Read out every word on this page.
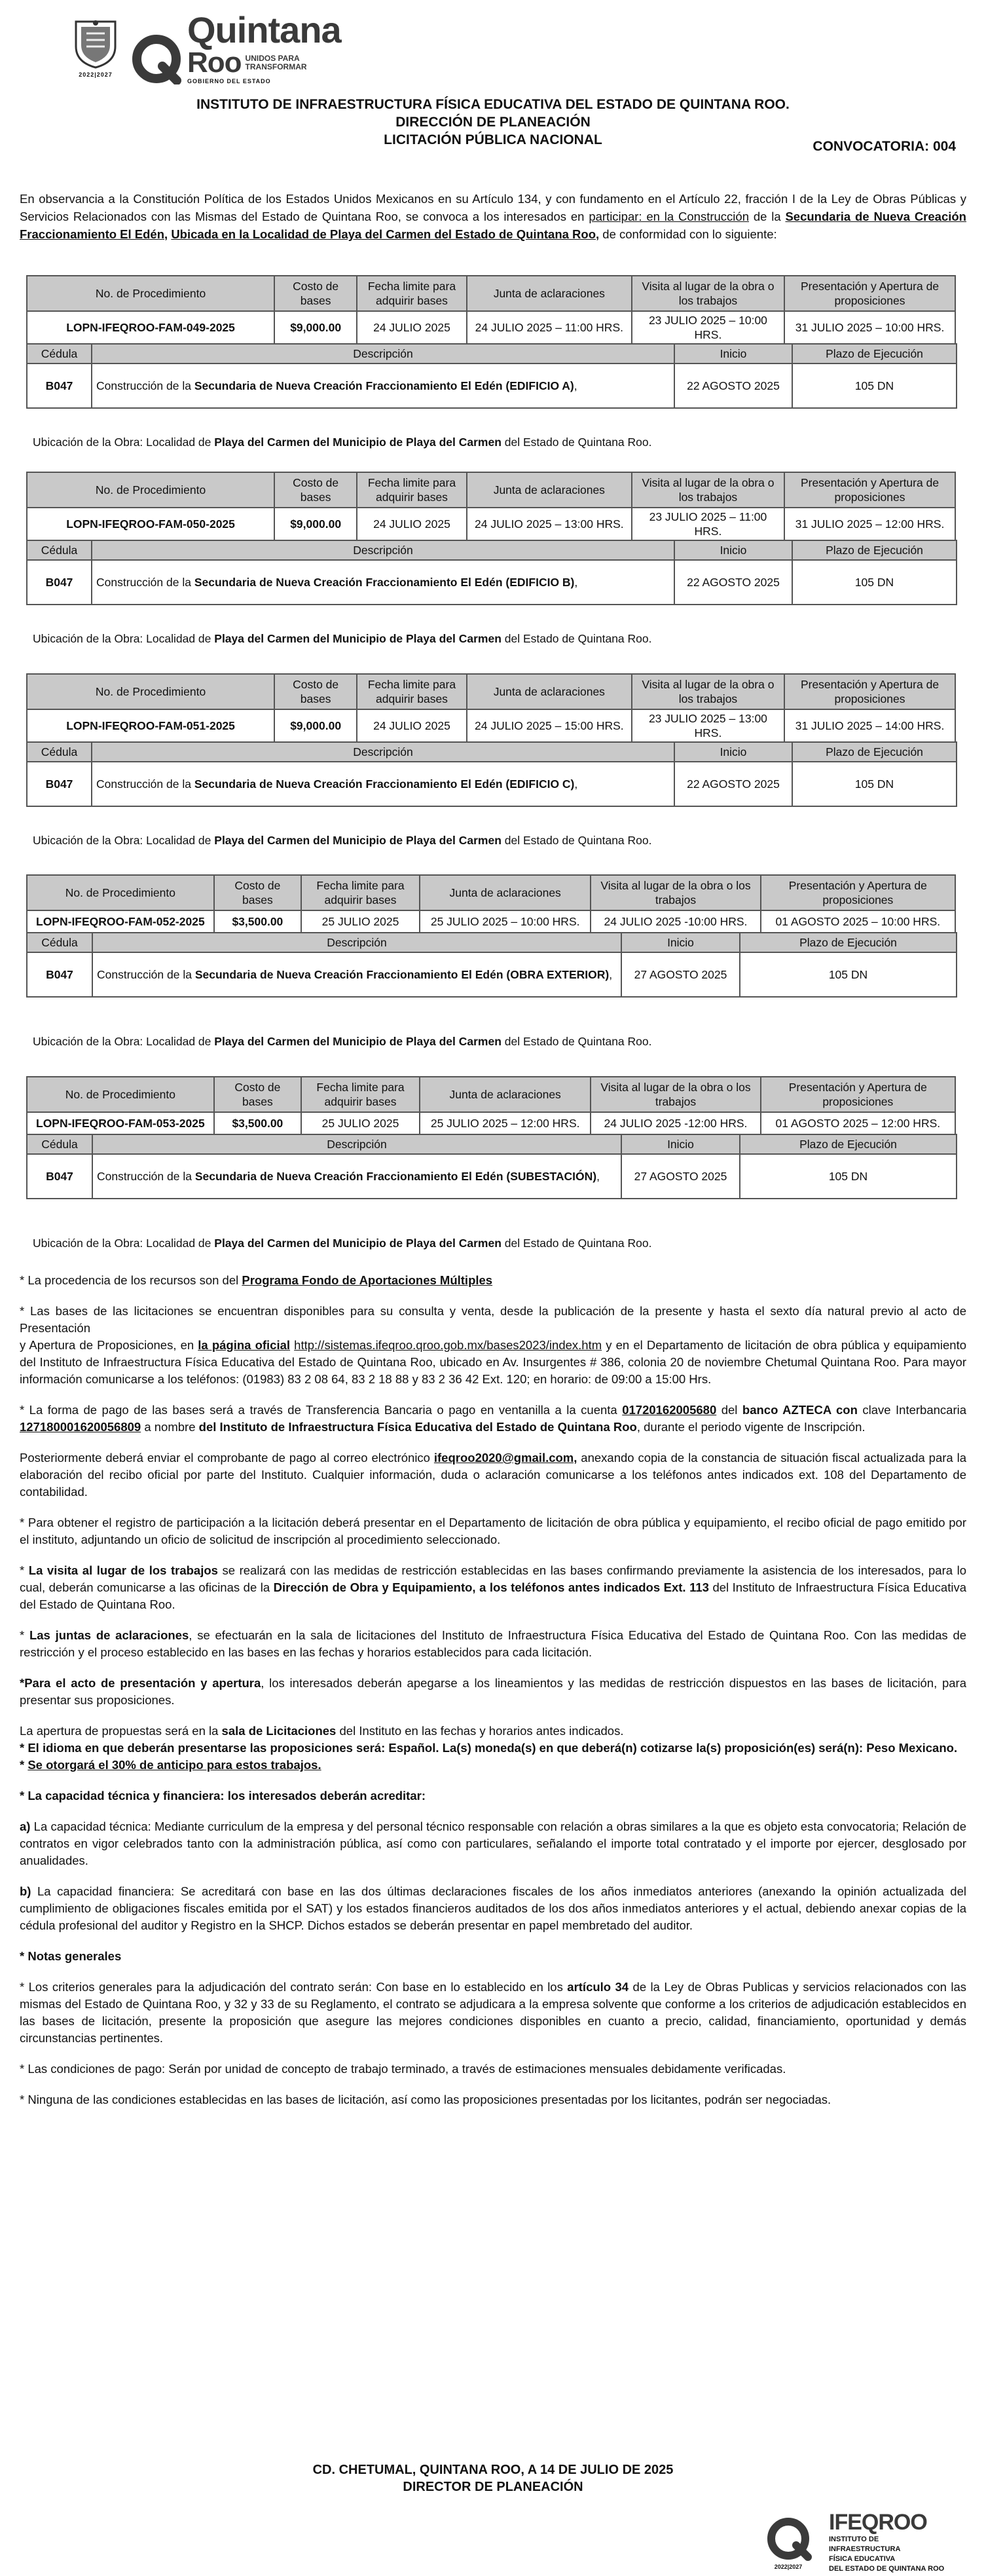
2022|2027
Quintana
Roo UNIDOS PARA TRANSFORMAR
GOBIERNO DEL ESTADO
INSTITUTO DE INFRAESTRUCTURA FÍSICA EDUCATIVA DEL ESTADO DE QUINTANA ROO.
DIRECCIÓN DE PLANEACIÓN
LICITACIÓN PÚBLICA NACIONAL	CONVOCATORIA: 004
En observancia a la Constitución Política de los Estados Unidos Mexicanos en su Artículo 134, y con fundamento en el Artículo 22, fracción I de la Ley de Obras Públicas y Servicios Relacionados con las Mismas del Estado de Quintana Roo, se convoca a los interesados en participar: en la Construcción de la Secundaria de Nueva Creación Fraccionamiento El Edén, Ubicada en la Localidad de Playa del Carmen del Estado de Quintana Roo, de conformidad con lo siguiente:
No. de Procedimiento	Costo de bases	Fecha limite para adquirir bases	Junta de aclaraciones	Visita al lugar de la obra o los trabajos	Presentación y Apertura de proposiciones
LOPN-IFEQROO-FAM-049-2025	$9,000.00	24 JULIO 2025	24 JULIO 2025 – 11:00 HRS.	23 JULIO 2025 – 10:00 HRS.	31 JULIO 2025 – 10:00 HRS.
Cédula	Descripción	Inicio	Plazo de Ejecución
B047	Construcción de la Secundaria de Nueva Creación Fraccionamiento El Edén (EDIFICIO A),	22 AGOSTO 2025	105 DN
Ubicación de la Obra: Localidad de Playa del Carmen del Municipio de Playa del Carmen del Estado de Quintana Roo.
No. de Procedimiento	Costo de bases	Fecha limite para adquirir bases	Junta de aclaraciones	Visita al lugar de la obra o los trabajos	Presentación y Apertura de proposiciones
LOPN-IFEQROO-FAM-050-2025	$9,000.00	24 JULIO 2025	24 JULIO 2025 – 13:00 HRS.	23 JULIO 2025 – 11:00 HRS.	31 JULIO 2025 – 12:00 HRS.
Cédula	Descripción	Inicio	Plazo de Ejecución
B047	Construcción de la Secundaria de Nueva Creación Fraccionamiento El Edén (EDIFICIO B),	22 AGOSTO 2025	105 DN
Ubicación de la Obra: Localidad de Playa del Carmen del Municipio de Playa del Carmen del Estado de Quintana Roo.
No. de Procedimiento	Costo de bases	Fecha limite para adquirir bases	Junta de aclaraciones	Visita al lugar de la obra o los trabajos	Presentación y Apertura de proposiciones
LOPN-IFEQROO-FAM-051-2025	$9,000.00	24 JULIO 2025	24 JULIO 2025 – 15:00 HRS.	23 JULIO 2025 – 13:00 HRS.	31 JULIO 2025 – 14:00 HRS.
Cédula	Descripción	Inicio	Plazo de Ejecución
B047	Construcción de la Secundaria de Nueva Creación Fraccionamiento El Edén (EDIFICIO C),	22 AGOSTO 2025	105 DN
Ubicación de la Obra: Localidad de Playa del Carmen del Municipio de Playa del Carmen del Estado de Quintana Roo.
No. de Procedimiento	Costo de bases	Fecha limite para adquirir bases	Junta de aclaraciones	Visita al lugar de la obra o los trabajos	Presentación y Apertura de proposiciones
LOPN-IFEQROO-FAM-052-2025	$3,500.00	25 JULIO 2025	25 JULIO 2025 – 10:00 HRS.	24 JULIO 2025 -10:00 HRS.	01 AGOSTO 2025 – 10:00 HRS.
Cédula	Descripción	Inicio	Plazo de Ejecución
B047	Construcción de la Secundaria de Nueva Creación Fraccionamiento El Edén (OBRA EXTERIOR),	27 AGOSTO 2025	105 DN
Ubicación de la Obra: Localidad de Playa del Carmen del Municipio de Playa del Carmen del Estado de Quintana Roo.
No. de Procedimiento	Costo de bases	Fecha limite para adquirir bases	Junta de aclaraciones	Visita al lugar de la obra o los trabajos	Presentación y Apertura de proposiciones
LOPN-IFEQROO-FAM-053-2025	$3,500.00	25 JULIO 2025	25 JULIO 2025 – 12:00 HRS.	24 JULIO 2025 -12:00 HRS.	01 AGOSTO 2025 – 12:00 HRS.
Cédula	Descripción	Inicio	Plazo de Ejecución
B047	Construcción de la Secundaria de Nueva Creación Fraccionamiento El Edén (SUBESTACIÓN),	27 AGOSTO 2025	105 DN
Ubicación de la Obra: Localidad de Playa del Carmen del Municipio de Playa del Carmen del Estado de Quintana Roo.

* La procedencia de los recursos son del Programa Fondo de Aportaciones Múltiples

* Las bases de las licitaciones se encuentran disponibles para su consulta y venta, desde la publicación de la presente y hasta el sexto día natural previo al acto de Presentación
y Apertura de Proposiciones, en la página oficial http://sistemas.ifeqroo.qroo.gob.mx/bases2023/index.htm y en el Departamento de licitación de obra pública y equipamiento del Instituto de Infraestructura Física Educativa del Estado de Quintana Roo, ubicado en Av. Insurgentes # 386, colonia 20 de noviembre Chetumal Quintana Roo. Para mayor información comunicarse a los teléfonos: (01983) 83 2 08 64, 83 2 18 88 y 83 2 36 42 Ext. 120; en horario: de 09:00 a 15:00 Hrs.

* La forma de pago de las bases será a través de Transferencia Bancaria o pago en ventanilla a la cuenta 01720162005680 del banco AZTECA con clave Interbancaria 127180001620056809 a nombre del Instituto de Infraestructura Física Educativa del Estado de Quintana Roo, durante el periodo vigente de Inscripción.

Posteriormente deberá enviar el comprobante de pago al correo electrónico ifeqroo2020@gmail.com, anexando copia de la constancia de situación fiscal actualizada para la elaboración del recibo oficial por parte del Instituto. Cualquier información, duda o aclaración comunicarse a los teléfonos antes indicados ext. 108 del Departamento de contabilidad.

* Para obtener el registro de participación a la licitación deberá presentar en el Departamento de licitación de obra pública y equipamiento, el recibo oficial de pago emitido por el instituto, adjuntando un oficio de solicitud de inscripción al procedimiento seleccionado.

* La visita al lugar de los trabajos se realizará con las medidas de restricción establecidas en las bases confirmando previamente la asistencia de los interesados, para lo cual, deberán comunicarse a las oficinas de la Dirección de Obra y Equipamiento, a los teléfonos antes indicados Ext. 113 del Instituto de Infraestructura Física Educativa del Estado de Quintana Roo.

* Las juntas de aclaraciones, se efectuarán en la sala de licitaciones del Instituto de Infraestructura Física Educativa del Estado de Quintana Roo. Con las medidas de restricción y el proceso establecido en las bases en las fechas y horarios establecidos para cada licitación.

*Para el acto de presentación y apertura, los interesados deberán apegarse a los lineamientos y las medidas de restricción dispuestos en las bases de licitación, para presentar sus proposiciones.

La apertura de propuestas será en la sala de Licitaciones del Instituto en las fechas y horarios antes indicados.

* El idioma en que deberán presentarse las proposiciones será: Español. La(s) moneda(s) en que deberá(n) cotizarse la(s) proposición(es) será(n): Peso Mexicano.

* Se otorgará el 30% de anticipo para estos trabajos.

* La capacidad técnica y financiera: los interesados deberán acreditar:

a) La capacidad técnica: Mediante curriculum de la empresa y del personal técnico responsable con relación a obras similares a la que es objeto esta convocatoria; Relación de contratos en vigor celebrados tanto con la administración pública, así como con particulares, señalando el importe total contratado y el importe por ejercer, desglosado por anualidades.

b) La capacidad financiera: Se acreditará con base en las dos últimas declaraciones fiscales de los años inmediatos anteriores (anexando la opinión actualizada del cumplimiento de obligaciones fiscales emitida por el SAT) y los estados financieros auditados de los dos años inmediatos anteriores y el actual, debiendo anexar copias de la cédula profesional del auditor y Registro en la SHCP. Dichos estados se deberán presentar en papel membretado del auditor.

* Notas generales

* Los criterios generales para la adjudicación del contrato serán: Con base en lo establecido en los artículo 34 de la Ley de Obras Publicas y servicios relacionados con las mismas del Estado de Quintana Roo, y 32 y 33 de su Reglamento, el contrato se adjudicara a la empresa solvente que conforme a los criterios de adjudicación establecidos en las bases de licitación, presente la proposición que asegure las mejores condiciones disponibles en cuanto a precio, calidad, financiamiento, oportunidad y demás circunstancias pertinentes.

* Las condiciones de pago: Serán por unidad de concepto de trabajo terminado, a través de estimaciones mensuales debidamente verificadas.

* Ninguna de las condiciones establecidas en las bases de licitación, así como las proposiciones presentadas por los licitantes, podrán ser negociadas.

CD. CHETUMAL, QUINTANA ROO, A 14 DE JULIO DE 2025
DIRECTOR DE PLANEACIÓN
2022|2027
IFEQROO
INSTITUTO DE
INFRAESTRUCTURA
FÍSICA EDUCATIVA
DEL ESTADO DE QUINTANA ROO
